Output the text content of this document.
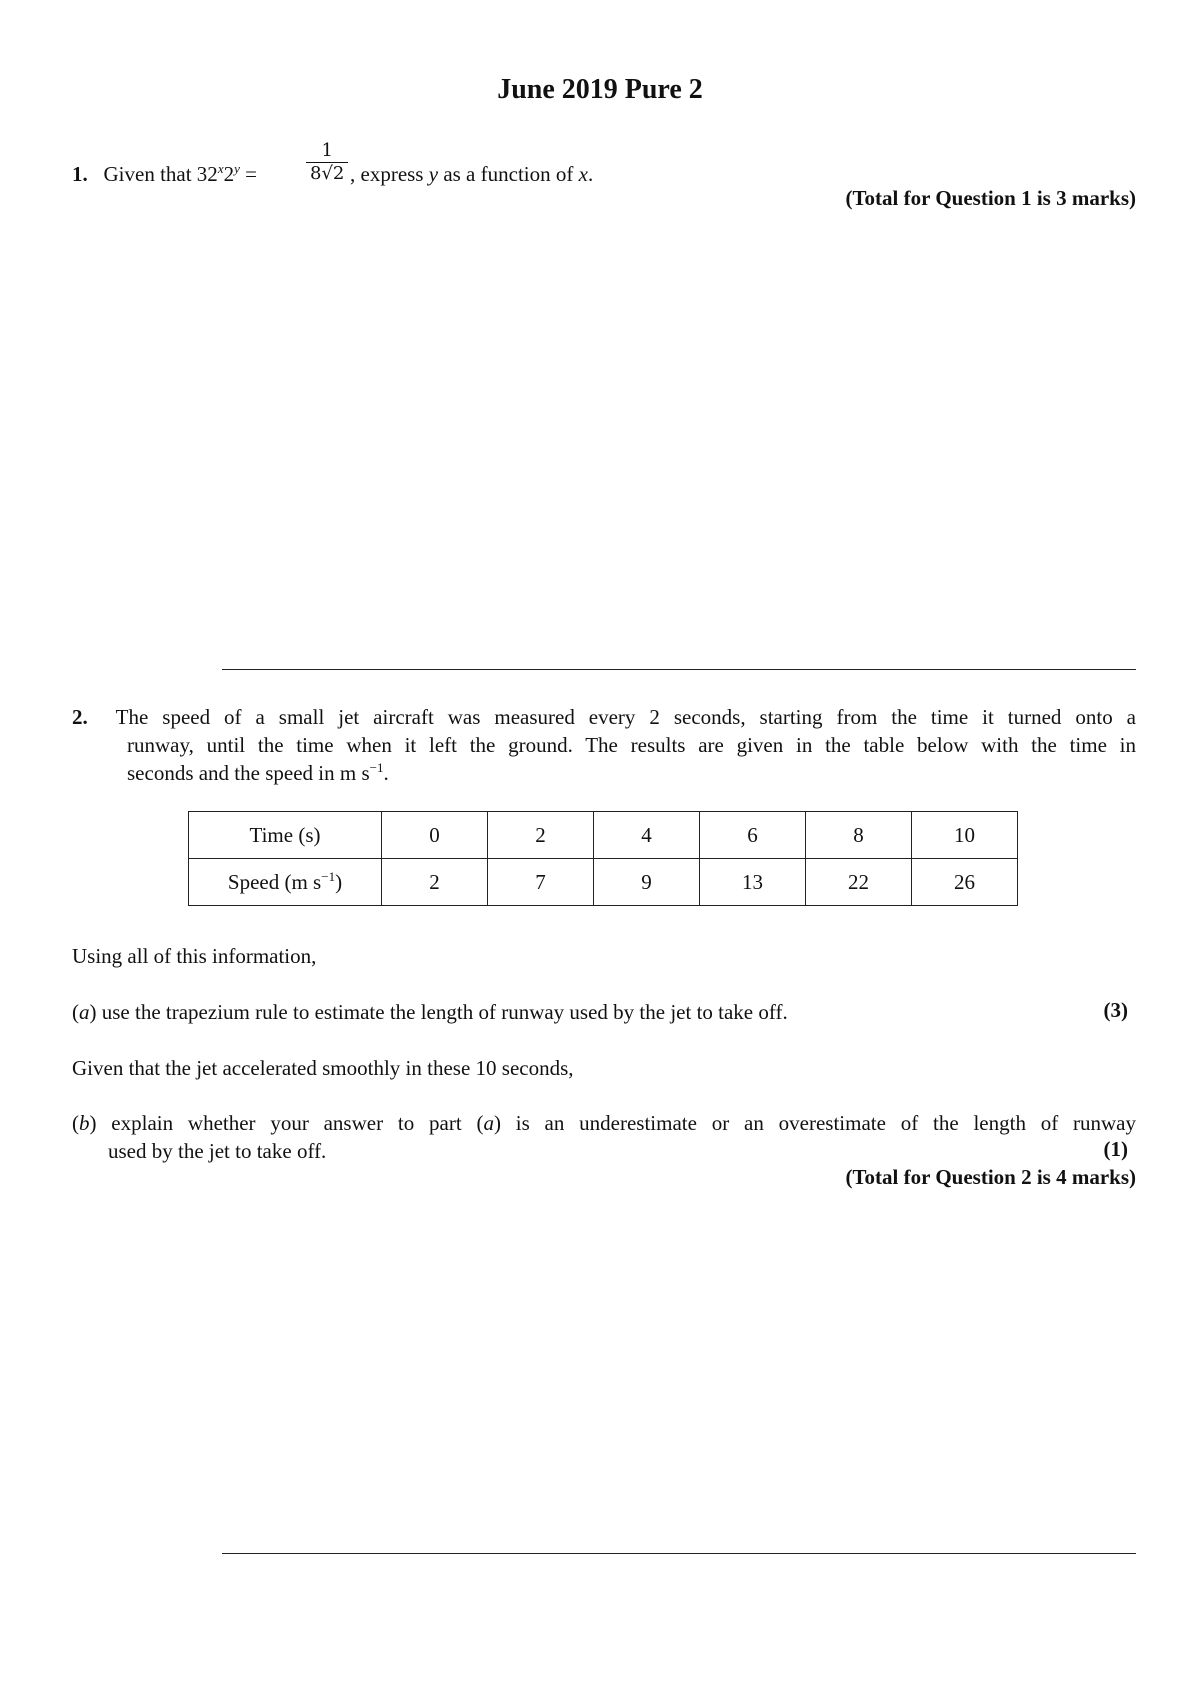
June 2019 Pure 2
1. Given that $32^x2^y$ =	$\frac{1}{8√2}$ , express y as a function of x.
(Total for Question 1 is 3 marks)
2. The speed of a small jet aircraft was measured every 2 seconds, starting from the time it turned onto a
runway, until the time when it left the ground. The results are given in the table below with the time in
seconds and the speed in m $s^{-1}$.
Time (s)	0	2	4	6	8	10
Speed (m $s^{-1}$)	2	7	9	13	22	26
Using all of this information,
(a) use the trapezium rule to estimate the length of runway used by the jet to take off.	(3)
Given that the jet accelerated smoothly in these 10 seconds,
(b) explain whether your answer to part (a) is an underestimate or an overestimate of the length of runway
used by the jet to take off.	(1)
(Total for Question 2 is 4 marks)
